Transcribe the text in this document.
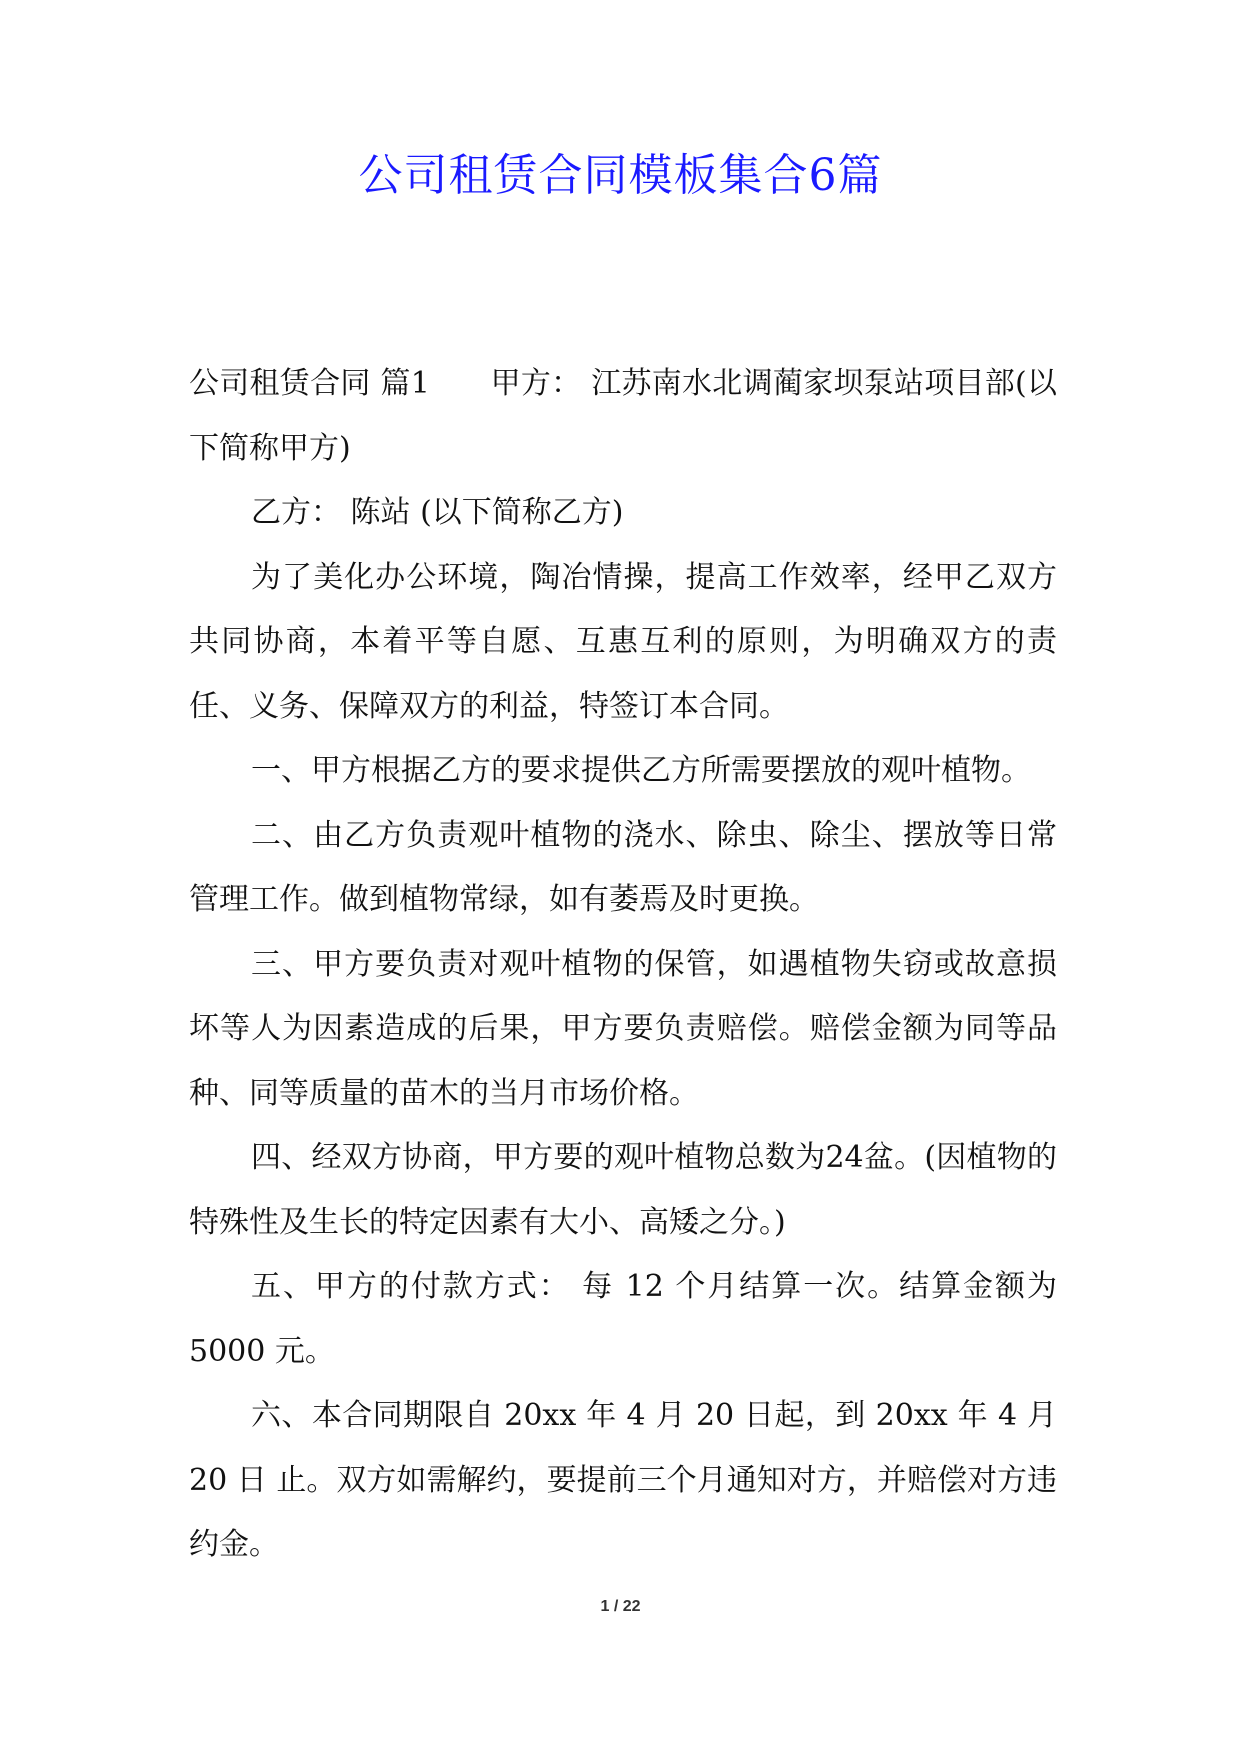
公司租赁合同模板集合6篇

公司租赁合同 篇1　　甲方： 江苏南水北调蔺家坝泵站项目部(以下简称甲方)

乙方： 陈站 (以下简称乙方)

为了美化办公环境，陶冶情操，提高工作效率，经甲乙双方共同协商，本着平等自愿、互惠互利的原则，为明确双方的责任、义务、保障双方的利益，特签订本合同。

一、甲方根据乙方的要求提供乙方所需要摆放的观叶植物。

二、由乙方负责观叶植物的浇水、除虫、除尘、摆放等日常管理工作。做到植物常绿，如有萎焉及时更换。

三、甲方要负责对观叶植物的保管，如遇植物失窃或故意损坏等人为因素造成的后果，甲方要负责赔偿。赔偿金额为同等品种、同等质量的苗木的当月市场价格。

四、经双方协商，甲方要的观叶植物总数为24盆。(因植物的特殊性及生长的特定因素有大小、高矮之分。)

五、甲方的付款方式： 每 12 个月结算一次。结算金额为 5000 元。

六、本合同期限自 20xx 年 4 月 20 日起，到 20xx 年 4 月 20 日 止。双方如需解约，要提前三个月通知对方，并赔偿对方违约金。

1 / 22
